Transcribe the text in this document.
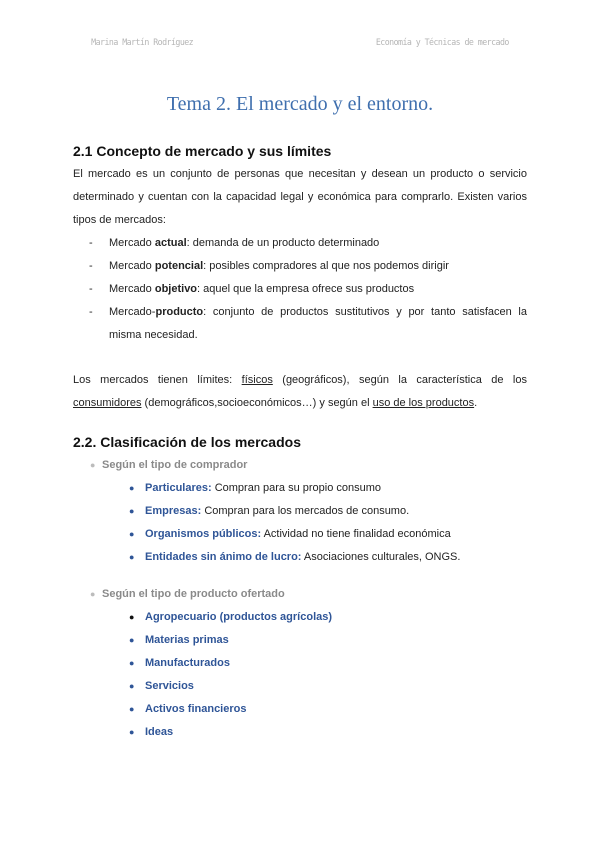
Marina Martín Rodríguez	Economía y Técnicas de mercado
Tema 2. El mercado y el entorno.
2.1 Concepto de mercado y sus límites

El mercado es un conjunto de personas que necesitan y desean un producto o servicio determinado y cuentan con la capacidad legal y económica para comprarlo. Existen varios tipos de mercados:

- Mercado actual: demanda de un producto determinado
- Mercado potencial: posibles compradores al que nos podemos dirigir
- Mercado objetivo: aquel que la empresa ofrece sus productos
- Mercado-producto: conjunto de productos sustitutivos y por tanto satisfacen la misma necesidad.

Los mercados tienen límites: físicos (geográficos), según la característica de los consumidores (demográficos,socioeconómicos…) y según el uso de los productos.

2.2. Clasificación de los mercados
● Según el tipo de comprador
● Particulares: Compran para su propio consumo
● Empresas: Compran para los mercados de consumo.
● Organismos públicos: Actividad no tiene finalidad económica
● Entidades sin ánimo de lucro: Asociaciones culturales, ONGS.
● Según el tipo de producto ofertado
● Agropecuario (productos agrícolas)
● Materias primas
● Manufacturados
● Servicios
● Activos financieros
● Ideas
